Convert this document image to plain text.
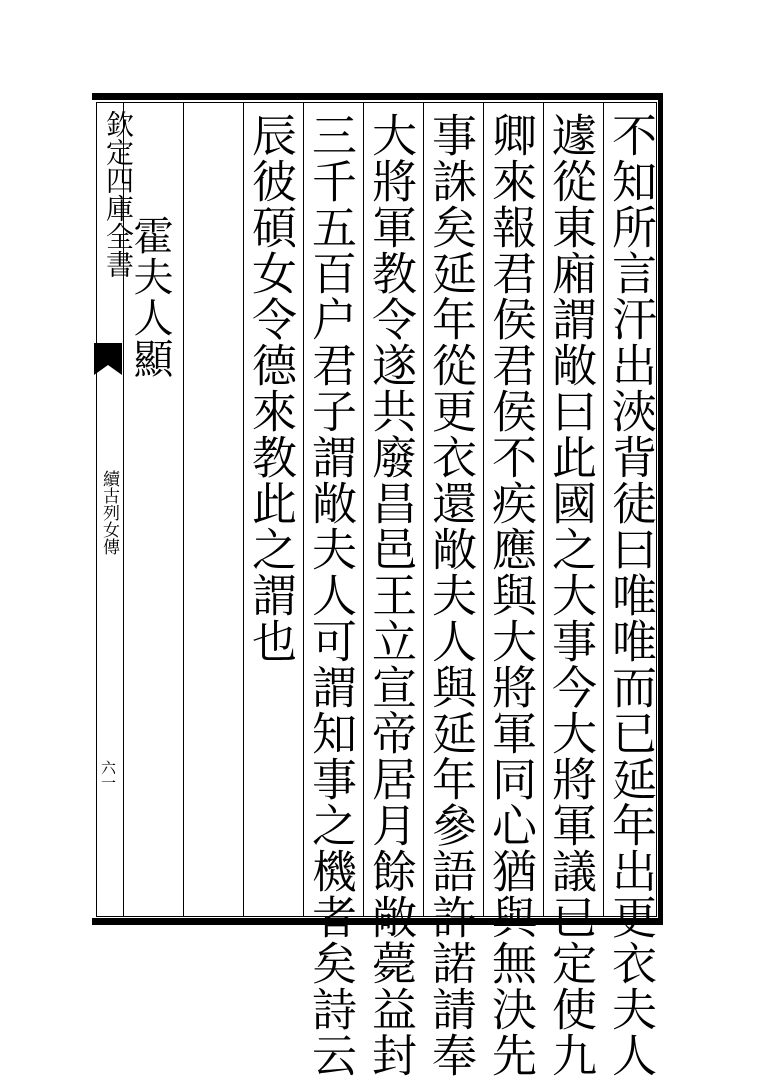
欽定四庫全書
續古列女傳
六一	不知所言汗出浹背徒曰唯唯而已延年出更衣夫人
遽從東廂謂敞曰此國之大事今大將軍議已定使九
卿來報君侯君侯不疾應與大將軍同心猶與無決先
事誅矣延年從更衣還敞夫人與延年參語許諾請奉
大將軍教令遂共廢昌邑王立宣帝居月餘敞薨益封
三千五百户君子謂敞夫人可謂知事之機者矣詩云
辰彼碩女令德來教此之謂也
霍夫人顯
